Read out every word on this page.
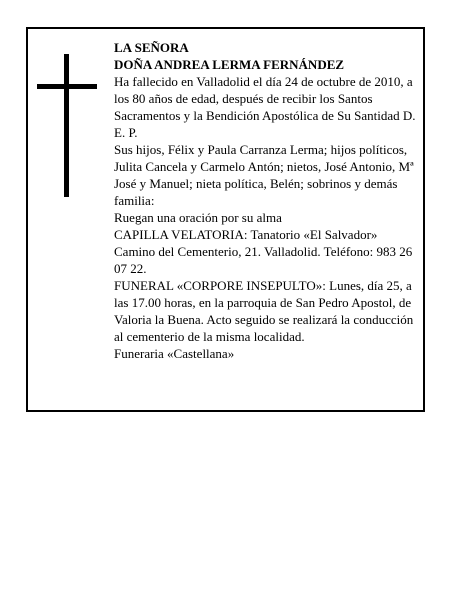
LA SEÑORA

DOÑA ANDREA LERMA FERNÁNDEZ

Ha fallecido en Valladolid el día 24 de octubre de 2010, a los 80 años de edad, después de recibir los Santos Sacramentos y la Bendición Apostólica de Su Santidad D. E. P.

Sus hijos, Félix y Paula Carranza Lerma; hijos políticos, Julita Cancela y Carmelo Antón; nietos, José Antonio, Mª José y Manuel; nieta política, Belén; sobrinos y demás familia:

Ruegan una oración por su alma

CAPILLA VELATORIA: Tanatorio «El Salvador» Camino del Cementerio, 21. Valladolid. Teléfono: 983 26 07 22.

FUNERAL «CORPORE INSEPULTO»: Lunes, día 25, a las 17.00 horas, en la parroquia de San Pedro Apostol, de Valoria la Buena. Acto seguido se realizará la conducción al cementerio de la misma localidad.

Funeraria «Castellana»
